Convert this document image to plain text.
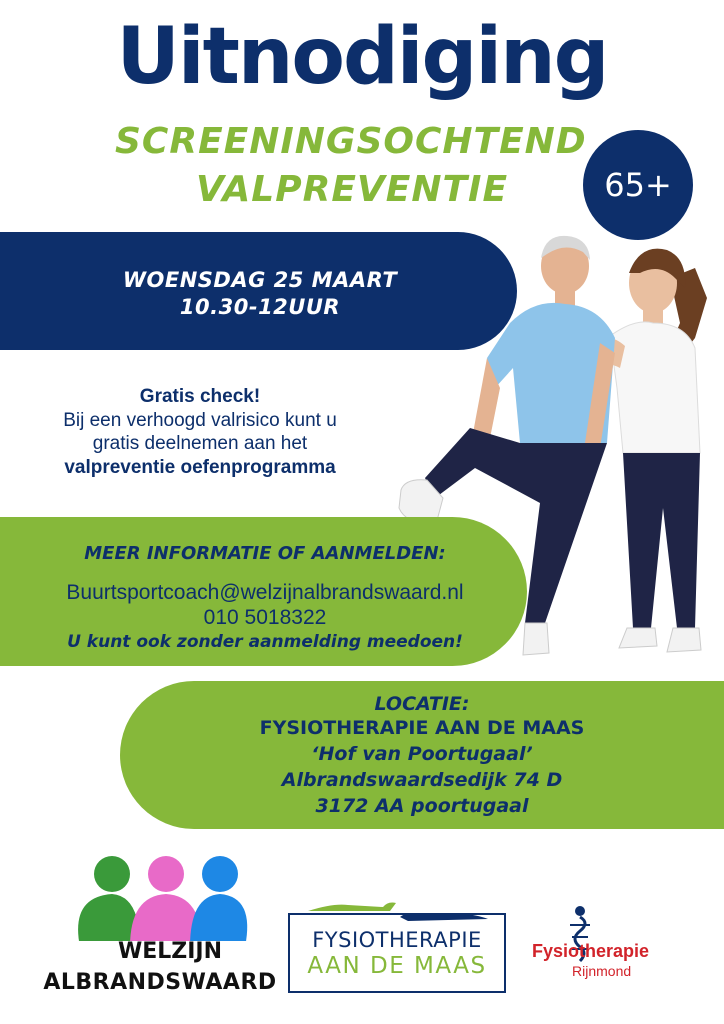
Uitnodiging
SCREENINGSOCHTEND
VALPREVENTIE	65+
WOENSDAG 25 MAART
10.30-12UUR
Gratis check!
Bij een verhoogd valrisico kunt u
gratis deelnemen aan het
valpreventie oefenprogramma
MEER INFORMATIE OF AANMELDEN:
Buurtsportcoach@welzijnalbrandswaard.nl
010 5018322
U kunt ook zonder aanmelding meedoen!
LOCATIE:
FYSIOTHERAPIE AAN DE MAAS
‘Hof van Poortugaal’
Albrandswaardsedijk 74 D
3172 AA poortugaal
WELZIJN
ALBRANDSWAARD
FYSIOTHERAPIE
AAN DE MAAS
Fysiotherapie
Rijnmond
